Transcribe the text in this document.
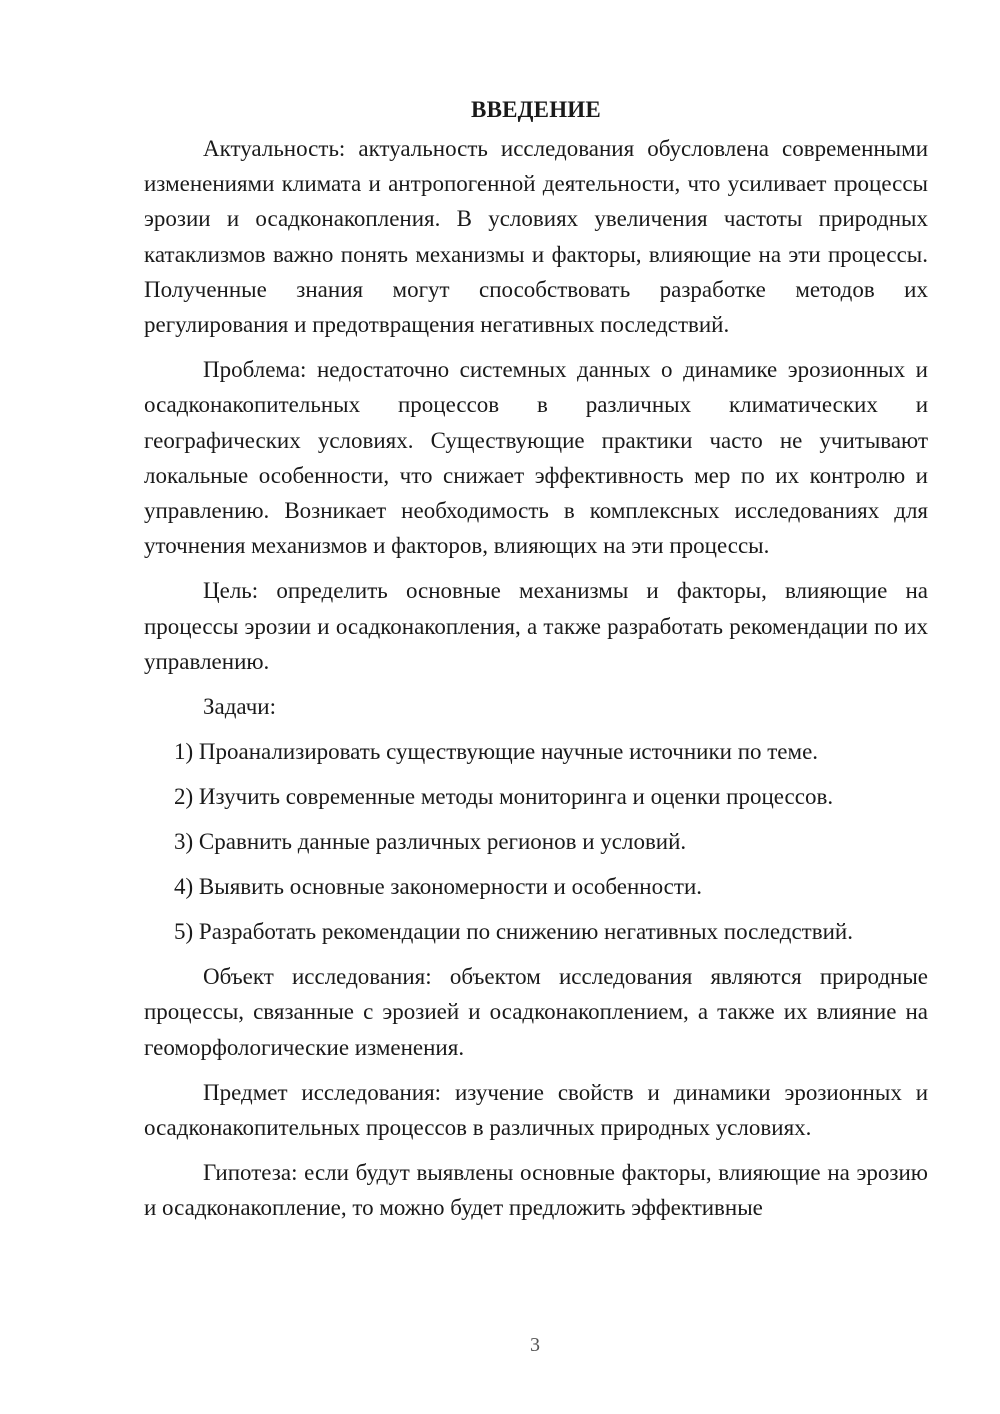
ВВЕДЕНИЕ

Актуальность: актуальность исследования обусловлена современными изменениями климата и антропогенной деятельности, что усиливает процессы эрозии и осадконакопления. В условиях увеличения частоты природных катаклизмов важно понять механизмы и факторы, влияющие на эти процессы. Полученные знания могут способствовать разработке методов их регулирования и предотвращения негативных последствий.

Проблема: недостаточно системных данных о динамике эрозионных и осадконакопительных процессов в различных климатических и географических условиях. Существующие практики часто не учитывают локальные особенности, что снижает эффективность мер по их контролю и управлению. Возникает необходимость в комплексных исследованиях для уточнения механизмов и факторов, влияющих на эти процессы.

Цель: определить основные механизмы и факторы, влияющие на процессы эрозии и осадконакопления, а также разработать рекомендации по их управлению.

Задачи:

1) Проанализировать существующие научные источники по теме.
2) Изучить современные методы мониторинга и оценки процессов.
3) Сравнить данные различных регионов и условий.
4) Выявить основные закономерности и особенности.
5) Разработать рекомендации по снижению негативных последствий.

Объект исследования: объектом исследования являются природные процессы, связанные с эрозией и осадконакоплением, а также их влияние на геоморфологические изменения.

Предмет исследования: изучение свойств и динамики эрозионных и осадконакопительных процессов в различных природных условиях.

Гипотеза: если будут выявлены основные факторы, влияющие на эрозию и осадконакопление, то можно будет предложить эффективные

3
